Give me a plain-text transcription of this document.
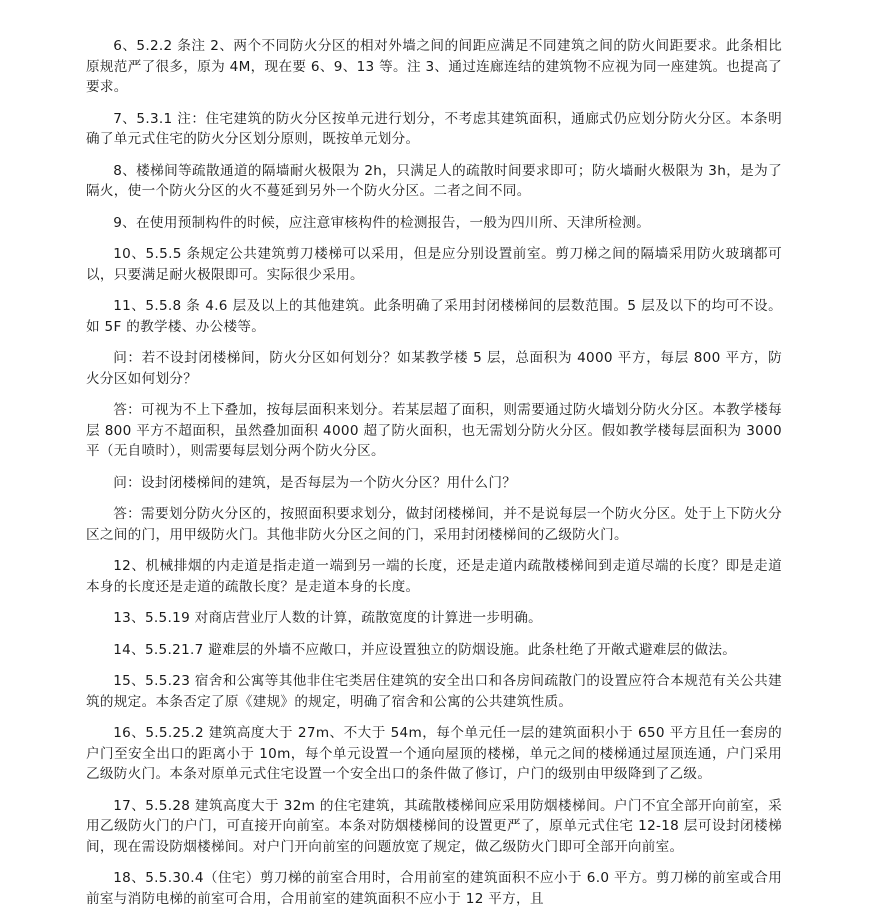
6、5.2.2 条注 2、两个不同防火分区的相对外墙之间的间距应满足不同建筑之间的防火间距要求。此条相比原规范严了很多，原为 4M，现在要 6、9、13 等。注 3、通过连廊连结的建筑物不应视为同一座建筑。也提高了要求。

7、5.3.1 注：住宅建筑的防火分区按单元进行划分，不考虑其建筑面积，通廊式仍应划分防火分区。本条明确了单元式住宅的防火分区划分原则，既按单元划分。

8、楼梯间等疏散通道的隔墙耐火极限为 2h，只满足人的疏散时间要求即可；防火墙耐火极限为 3h，是为了隔火，使一个防火分区的火不蔓延到另外一个防火分区。二者之间不同。

9、在使用预制构件的时候，应注意审核构件的检测报告，一般为四川所、天津所检测。

10、5.5.5 条规定公共建筑剪刀楼梯可以采用，但是应分别设置前室。剪刀梯之间的隔墙采用防火玻璃都可以，只要满足耐火极限即可。实际很少采用。

11、5.5.8 条 4.6 层及以上的其他建筑。此条明确了采用封闭楼梯间的层数范围。5 层及以下的均可不设。如 5F 的教学楼、办公楼等。

问：若不设封闭楼梯间，防火分区如何划分？如某教学楼 5 层，总面积为 4000 平方，每层 800 平方，防火分区如何划分？

答：可视为不上下叠加，按每层面积来划分。若某层超了面积，则需要通过防火墙划分防火分区。本教学楼每层 800 平方不超面积，虽然叠加面积 4000 超了防火面积，也无需划分防火分区。假如教学楼每层面积为 3000 平（无自喷时），则需要每层划分两个防火分区。

问：设封闭楼梯间的建筑，是否每层为一个防火分区？用什么门？

答：需要划分防火分区的，按照面积要求划分，做封闭楼梯间，并不是说每层一个防火分区。处于上下防火分区之间的门，用甲级防火门。其他非防火分区之间的门，采用封闭楼梯间的乙级防火门。

12、机械排烟的内走道是指走道一端到另一端的长度，还是走道内疏散楼梯间到走道尽端的长度？即是走道本身的长度还是走道的疏散长度？是走道本身的长度。

13、5.5.19 对商店营业厅人数的计算，疏散宽度的计算进一步明确。

14、5.5.21.7 避难层的外墙不应敞口，并应设置独立的防烟设施。此条杜绝了开敞式避难层的做法。

15、5.5.23 宿舍和公寓等其他非住宅类居住建筑的安全出口和各房间疏散门的设置应符合本规范有关公共建筑的规定。本条否定了原《建规》的规定，明确了宿舍和公寓的公共建筑性质。

16、5.5.25.2 建筑高度大于 27m、不大于 54m，每个单元任一层的建筑面积小于 650 平方且任一套房的户门至安全出口的距离小于 10m，每个单元设置一个通向屋顶的楼梯，单元之间的楼梯通过屋顶连通，户门采用乙级防火门。本条对原单元式住宅设置一个安全出口的条件做了修订，户门的级别由甲级降到了乙级。

17、5.5.28 建筑高度大于 32m 的住宅建筑，其疏散楼梯间应采用防烟楼梯间。户门不宜全部开向前室，采用乙级防火门的户门，可直接开向前室。本条对防烟楼梯间的设置更严了，原单元式住宅 12-18 层可设封闭楼梯间，现在需设防烟楼梯间。对户门开向前室的问题放宽了规定，做乙级防火门即可全部开向前室。

18、5.5.30.4（住宅）剪刀梯的前室合用时，合用前室的建筑面积不应小于 6.0 平方。剪刀梯的前室或合用前室与消防电梯的前室可合用，合用前室的建筑面积不应小于 12 平方，且
